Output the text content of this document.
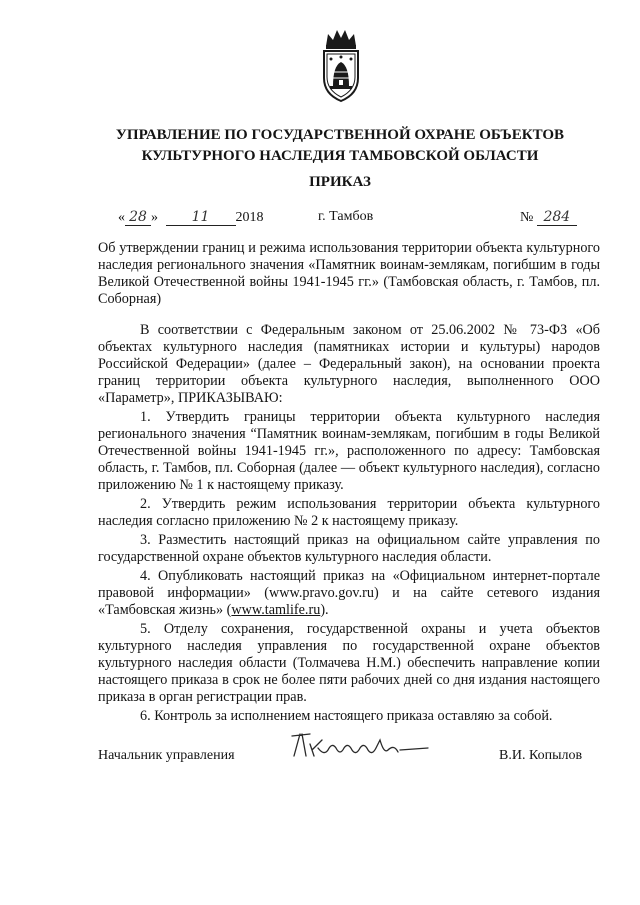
УПРАВЛЕНИЕ ПО ГОСУДАРСТВЕННОЙ ОХРАНЕ ОБЪЕКТОВ
КУЛЬТУРНОГО НАСЛЕДИЯ ТАМБОВСКОЙ ОБЛАСТИ
ПРИКАЗ
« 28 » 11 2018	г. Тамбов	№ 284
Об утверждении границ и режима использования территории объекта культурного наследия регионального значения «Памятник воинам-землякам, погибшим в годы Великой Отечественной войны 1941-1945 гг.» (Тамбовская область, г. Тамбов, пл. Соборная)

В соответствии с Федеральным законом от 25.06.2002 № 73-ФЗ «Об объектах культурного наследия (памятниках истории и культуры) народов Российской Федерации» (далее – Федеральный закон), на основании проекта границ территории объекта культурного наследия, выполненного ООО «Параметр», ПРИКАЗЫВАЮ:

1. Утвердить границы территории объекта культурного наследия регионального значения “Памятник воинам-землякам, погибшим в годы Великой Отечественной войны 1941-1945 гг.», расположенного по адресу: Тамбовская область, г. Тамбов, пл. Соборная (далее — объект культурного наследия), согласно приложению № 1 к настоящему приказу.

2. Утвердить режим использования территории объекта культурного наследия согласно приложению № 2 к настоящему приказу.

3. Разместить настоящий приказ на официальном сайте управления по государственной охране объектов культурного наследия области.

4. Опубликовать настоящий приказ на «Официальном интернет-портале правовой информации» (www.pravo.gov.ru) и на сайте сетевого издания «Тамбовская жизнь» (www.tamlife.ru).

5. Отделу сохранения, государственной охраны и учета объектов культурного наследия управления по государственной охране объектов культурного наследия области (Толмачева Н.М.) обеспечить направление копии настоящего приказа в срок не более пяти рабочих дней со дня издания настоящего приказа в орган регистрации прав.

6. Контроль за исполнением настоящего приказа оставляю за собой.

Начальник управления	В.И. Копылов
